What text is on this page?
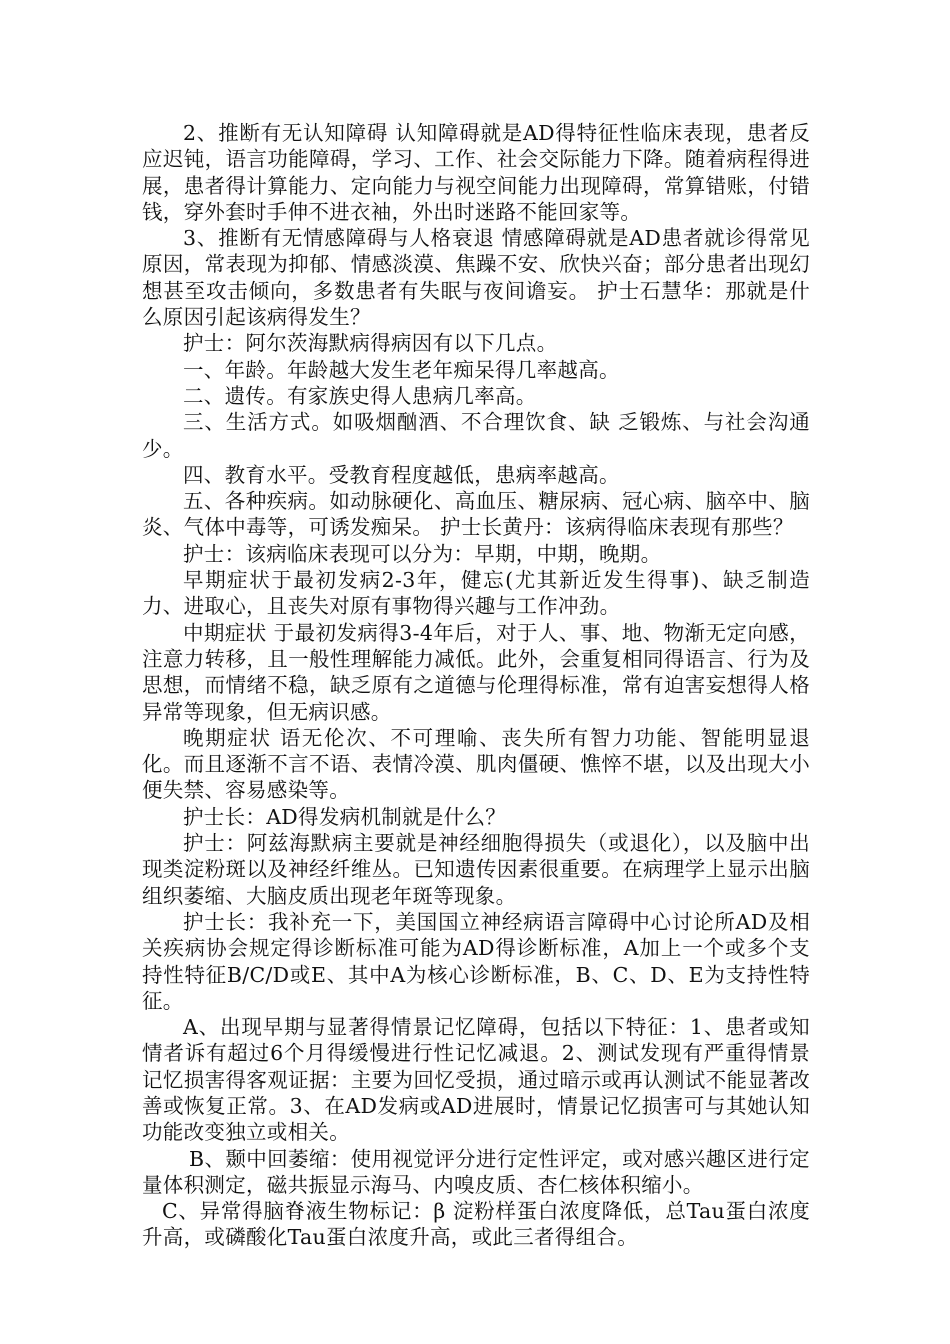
2、推断有无认知障碍 认知障碍就是AD得特征性临床表现，患者反应迟钝，语言功能障碍，学习、工作、社会交际能力下降。随着病程得进展，患者得计算能力、定向能力与视空间能力出现障碍，常算错账，付错钱，穿外套时手伸不进衣袖，外出时迷路不能回家等。

3、推断有无情感障碍与人格衰退 情感障碍就是AD患者就诊得常见原因，常表现为抑郁、情感淡漠、焦躁不安、欣快兴奋；部分患者出现幻想甚至攻击倾向，多数患者有失眠与夜间谵妄。 护士石慧华：那就是什么原因引起该病得发生？

护士：阿尔茨海默病得病因有以下几点。

一、年龄。年龄越大发生老年痴呆得几率越高。

二、遗传。有家族史得人患病几率高。

三、生活方式。如吸烟酗酒、不合理饮食、缺 乏锻炼、与社会沟通少。

四、教育水平。受教育程度越低，患病率越高。

五、各种疾病。如动脉硬化、高血压、糖尿病、冠心病、脑卒中、脑炎、气体中毒等，可诱发痴呆。 护士长黄丹：该病得临床表现有那些？

护士：该病临床表现可以分为：早期，中期，晚期。

早期症状于最初发病2-3年，健忘(尤其新近发生得事)、缺乏制造力、进取心，且丧失对原有事物得兴趣与工作冲劲。

中期症状 于最初发病得3-4年后，对于人、事、地、物渐无定向感，注意力转移，且一般性理解能力减低。此外，会重复相同得语言、行为及思想，而情绪不稳，缺乏原有之道德与伦理得标准，常有迫害妄想得人格异常等现象，但无病识感。

晚期症状 语无伦次、不可理喻、丧失所有智力功能、智能明显退化。而且逐渐不言不语、表情冷漠、肌肉僵硬、憔悴不堪，以及出现大小便失禁、容易感染等。

护士长：AD得发病机制就是什么？

护士：阿兹海默病主要就是神经细胞得损失（或退化），以及脑中出现类淀粉斑以及神经纤维丛。已知遗传因素很重要。在病理学上显示出脑组织萎缩、大脑皮质出现老年斑等现象。

护士长：我补充一下，美国国立神经病语言障碍中心讨论所AD及相关疾病协会规定得诊断标准可能为AD得诊断标准，A加上一个或多个支持性特征B/C/D或E、其中A为核心诊断标准，B、C、D、E为支持性特征。

A、出现早期与显著得情景记忆障碍，包括以下特征：1、患者或知情者诉有超过6个月得缓慢进行性记忆减退。2、测试发现有严重得情景记忆损害得客观证据：主要为回忆受损，通过暗示或再认测试不能显著改善或恢复正常。3、在AD发病或AD进展时，情景记忆损害可与其她认知功能改变独立或相关。

B、颞中回萎缩：使用视觉评分进行定性评定，或对感兴趣区进行定量体积测定，磁共振显示海马、内嗅皮质、杏仁核体积缩小。

C、异常得脑脊液生物标记：β 淀粉样蛋白浓度降低，总Tau蛋白浓度升高，或磷酸化Tau蛋白浓度升高，或此三者得组合。
